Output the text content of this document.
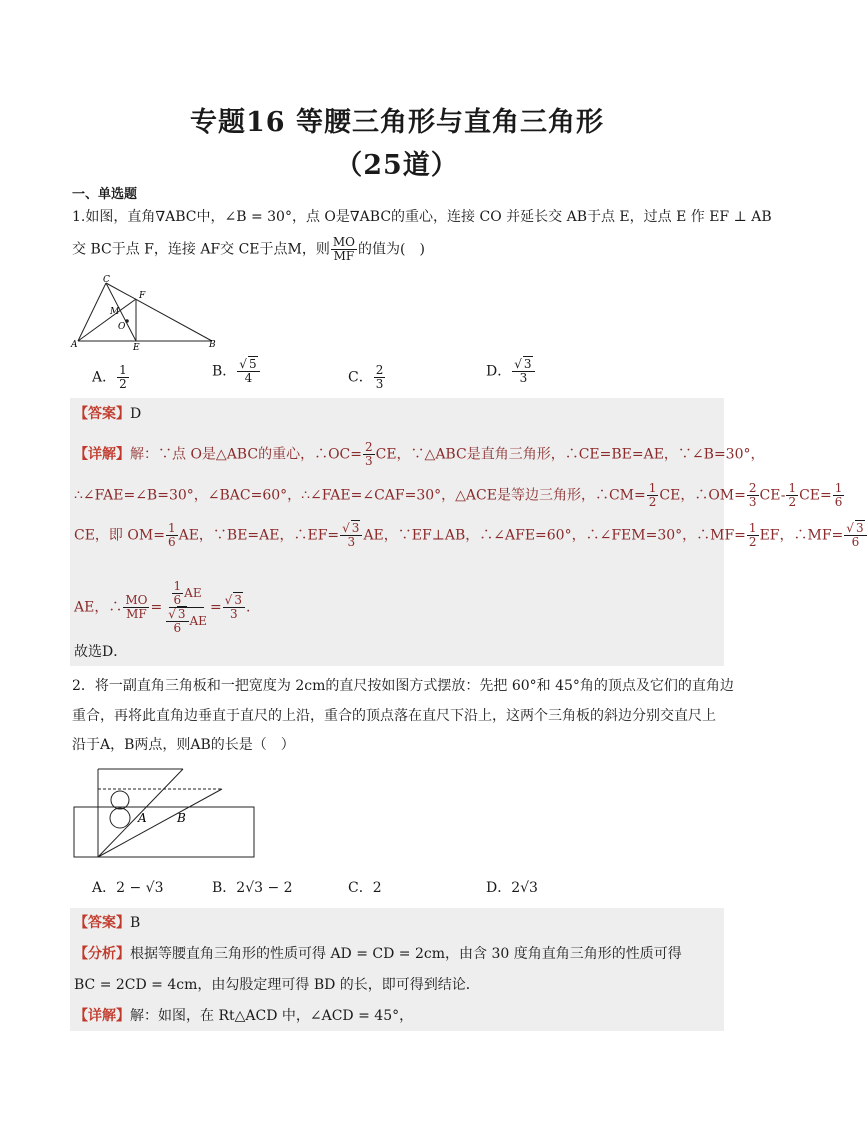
专题16 等腰三角形与直角三角形
（25道）
一、单选题
1.如图，直角∇ABC中，∠B = 30°，点 O是∇ABC的重心，连接 CO 并延长交 AB于点 E，过点 E 作 EF ⊥ AB
交 BC于点 F，连接 AF交 CE于点M，则 $\frac{MO}{MF}$ 的值为(　)
C
F
M
O
A	E	B
A． $\frac{1}{2}$	B． $\frac{√ 5}{4}$	C． $\frac{2}{3}$	D． $\frac{√ 3}{3}$
【答案】D
【详解】解：∵点 O是△ABC的重心，∴OC= $\frac{2}{3}$ CE，∵△ABC是直角三角形，∴CE=BE=AE，∵∠B=30°，
∴∠FAE=∠B=30°，∠BAC=60°，∴∠FAE=∠CAF=30°，△ACE是等边三角形，∴CM= $\frac{1}{2}$ CE，∴OM= $\frac{2}{3} CE- \frac{1}{2} CE= \frac{1}{6}$
CE，即 $OM= \frac{1}{6}$ AE，∵BE=AE，∴EF= $\frac{√ 3}{3}$ AE，∵EF⊥AB，∴∠AFE=60°，∴∠FEM=30°，∴MF= $\frac{1}{2}$ EF，∴MF= $\frac{√ 3}{6}$
AE，∴ $\frac{MO}{MF} = \frac{\frac{1}{6} AE}{\frac{√ 3}{6} AE} = \frac{√ 3}{3}$ .
故选D．
2．将一副直角三角板和一把宽度为 2cm的直尺按如图方式摆放：先把 60°和 45°角的顶点及它们的直角边
重合，再将此直角边垂直于直尺的上沿，重合的顶点落在直尺下沿上，这两个三角板的斜边分别交直尺上
沿于A，B两点，则AB的长是（　）
A	B
A．2 − √3	B．2√3 − 2	C．2	D．2√3
【答案】B
【分析】根据等腰直角三角形的性质可得 AD = CD = 2cm，由含 30 度角直角三角形的性质可得
BC = 2CD = 4cm，由勾股定理可得 BD 的长，即可得到结论．
【详解】解：如图，在 Rt△ACD 中，∠ACD = 45°，
